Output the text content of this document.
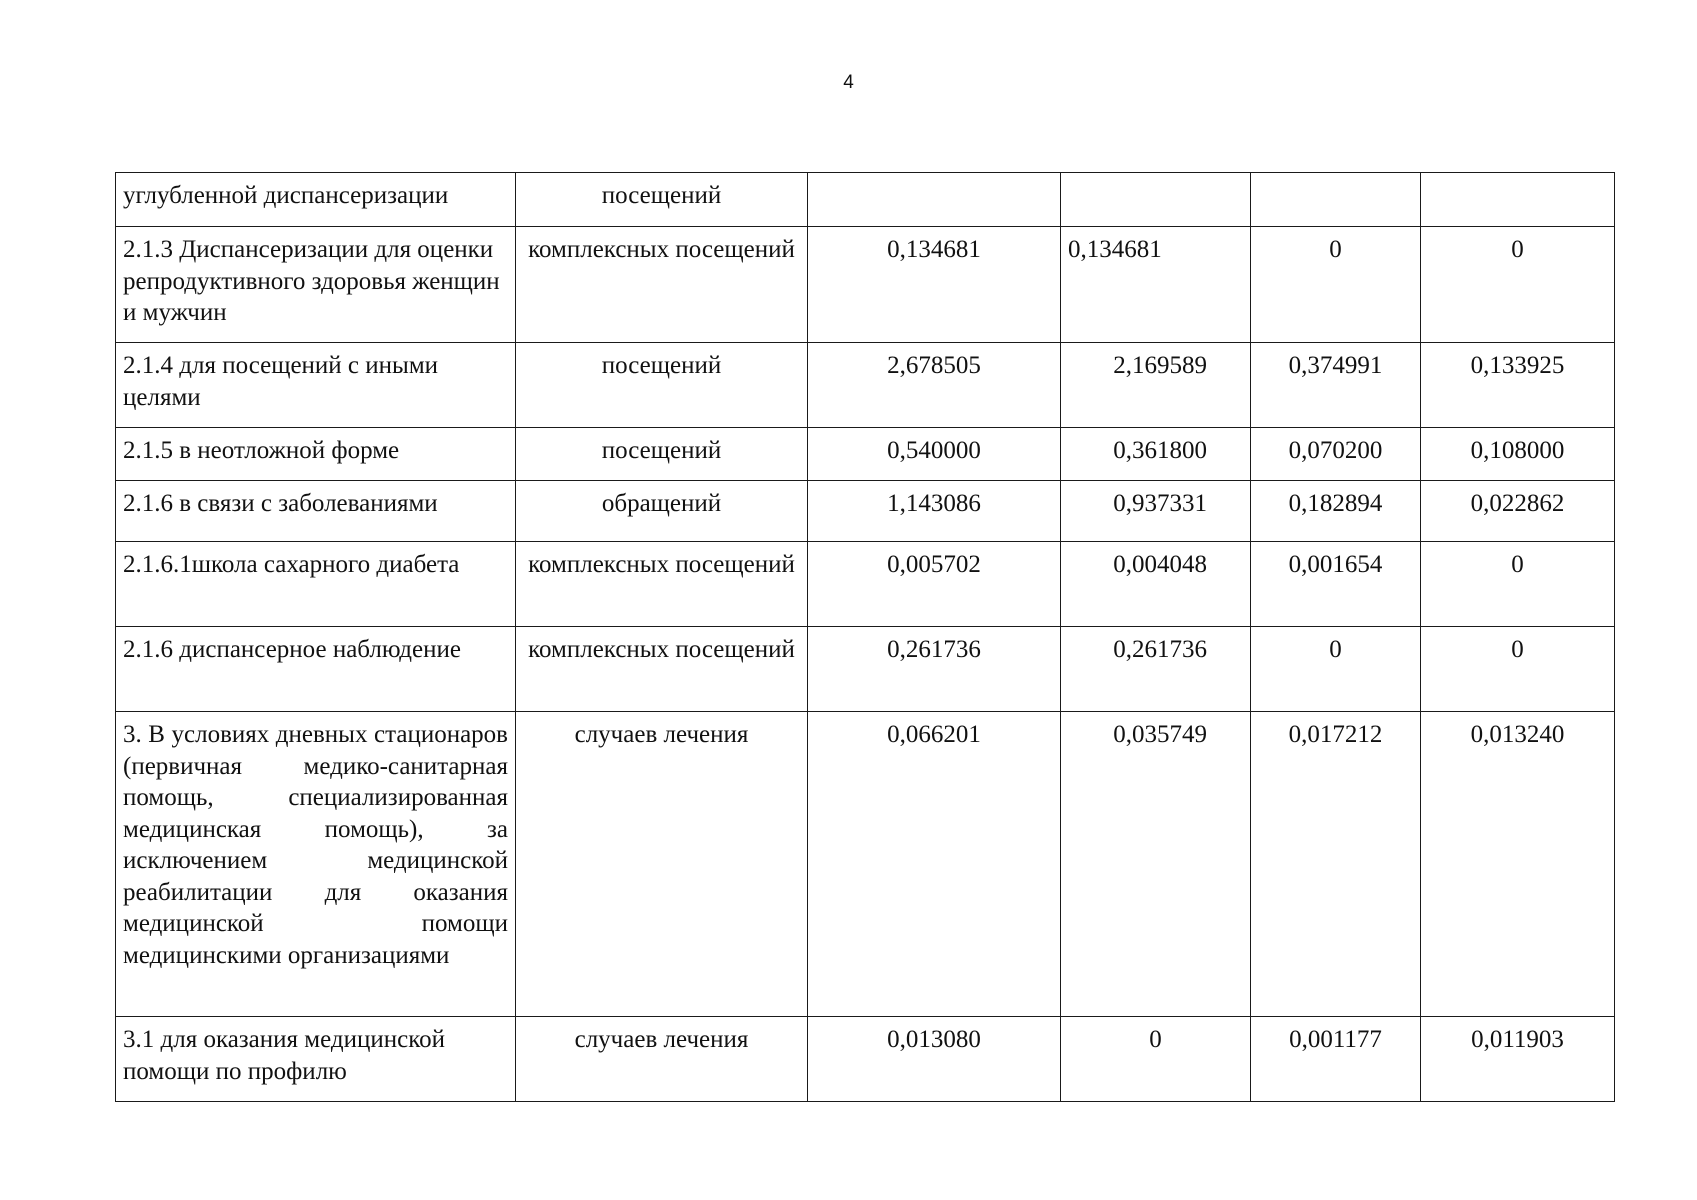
4
углубленной диспансеризации	посещений				
2.1.3 Диспансеризации для оценки репродуктивного здоровья женщин и мужчин	комплексных посещений	0,134681	0,134681	0	0
2.1.4 для посещений с иными целями	посещений	2,678505	2,169589	0,374991	0,133925
2.1.5 в неотложной форме	посещений	0,540000	0,361800	0,070200	0,108000
2.1.6 в связи с заболеваниями	обращений	1,143086	0,937331	0,182894	0,022862
2.1.6.1школа сахарного диабета	комплексных посещений	0,005702	0,004048	0,001654	0
2.1.6 диспансерное наблюдение	комплексных посещений	0,261736	0,261736	0	0
3. В условиях дневных стационаров (первичная медико-санитарная помощь, специализированная медицинская помощь), за исключением медицинской реабилитации для оказания медицинской помощи медицинскими организациями	случаев лечения	0,066201	0,035749	0,017212	0,013240
3.1 для оказания медицинской помощи по профилю	случаев лечения	0,013080	0	0,001177	0,011903
